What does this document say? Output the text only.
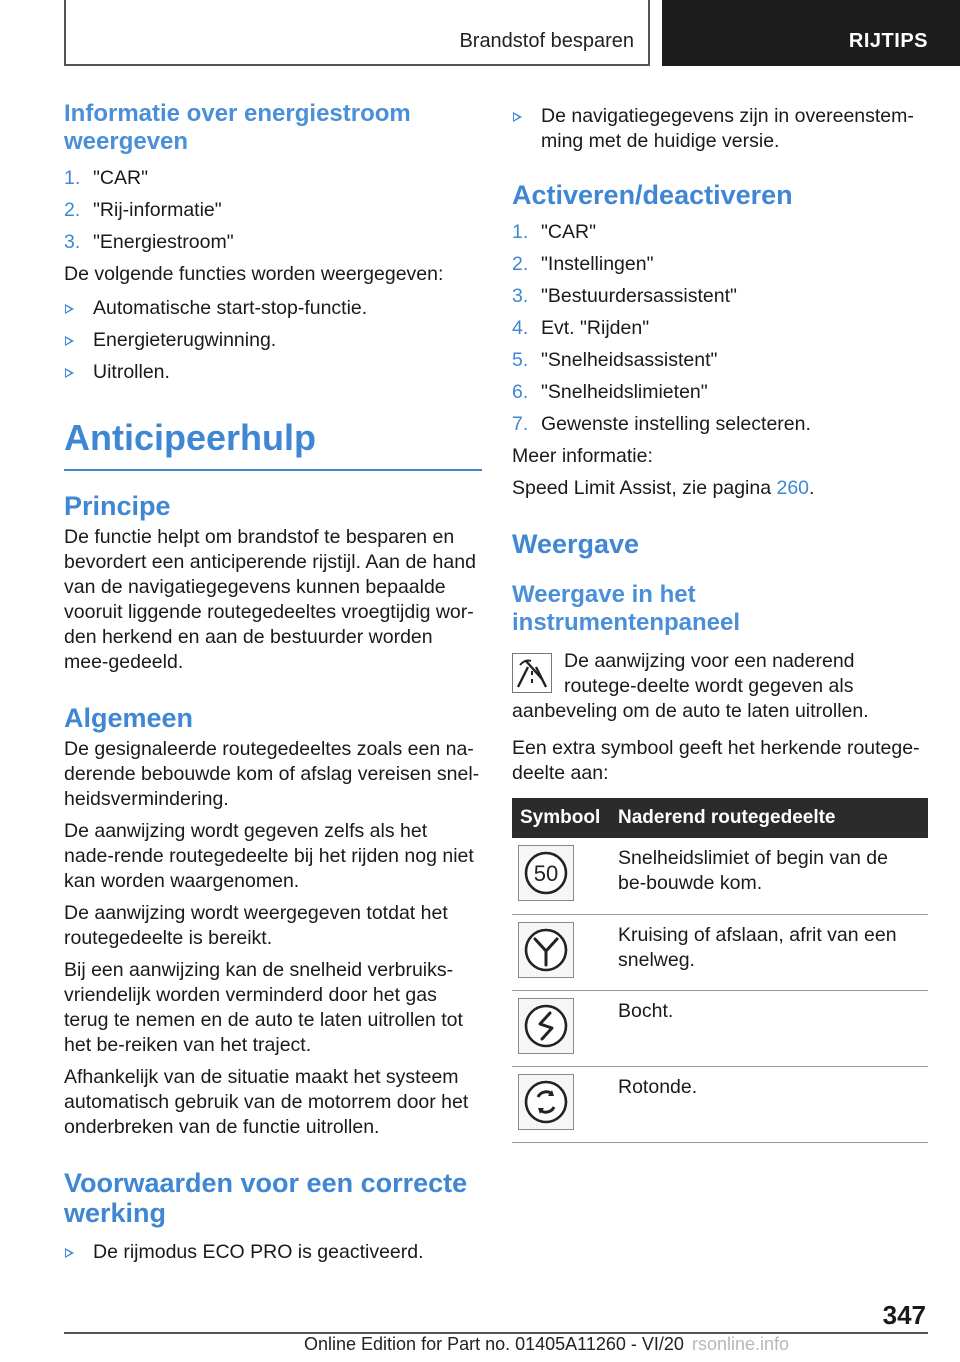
Brandstof besparen	RIJTIPS
Informatie over energiestroom weergeven
1. "CAR"
2. "Rij-informatie"
3. "Energiestroom"

De volgende functies worden weergegeven:

Automatische start-stop-functie.
Energieterugwinning.
Uitrollen.
Anticipeerhulp
Principe

De functie helpt om brandstof te besparen en bevordert een anticiperende rijstijl. Aan de hand van de navigatiegegevens kunnen bepaalde vooruit liggende routegedeeltes vroegtijdig wor-den herkend en aan de bestuurder worden mee-gedeeld.

Algemeen

De gesignaleerde routegedeeltes zoals een na-derende bebouwde kom of afslag vereisen snel-heidsvermindering.

De aanwijzing wordt gegeven zelfs als het nade-rende routegedeelte bij het rijden nog niet kan worden waargenomen.

De aanwijzing wordt weergegeven totdat het routegedeelte is bereikt.

Bij een aanwijzing kan de snelheid verbruiks-vriendelijk worden verminderd door het gas terug te nemen en de auto te laten uitrollen tot het be-reiken van het traject.

Afhankelijk van de situatie maakt het systeem automatisch gebruik van de motorrem door het onderbreken van de functie uitrollen.

Voorwaarden voor een correcte werking
De rijmodus ECO PRO is geactiveerd.
De navigatiegegevens zijn in overeenstem-ming met de huidige versie.
Activeren/deactiveren
1. "CAR"
2. "Instellingen"
3. "Bestuurdersassistent"
4. Evt. "Rijden"
5. "Snelheidsassistent"
6. "Snelheidslimieten"
7. Gewenste instelling selecteren.

Meer informatie:

Speed Limit Assist, zie pagina 260.

Weergave
Weergave in het instrumentenpaneel

De aanwijzing voor een naderend routege-deelte wordt gegeven als aanbeveling om de auto te laten uitrollen.

Een extra symbool geeft het herkende routege-deelte aan:

Symbool	Naderend routegedeelte

50	Snelheidslimiet of begin van de be-bouwde kom.

	Kruising of afslaan, afrit van een snelweg.

	Bocht.

	Rotonde.
347
Online Edition for Part no. 01405A11260 - VI/20 rsonline.info
